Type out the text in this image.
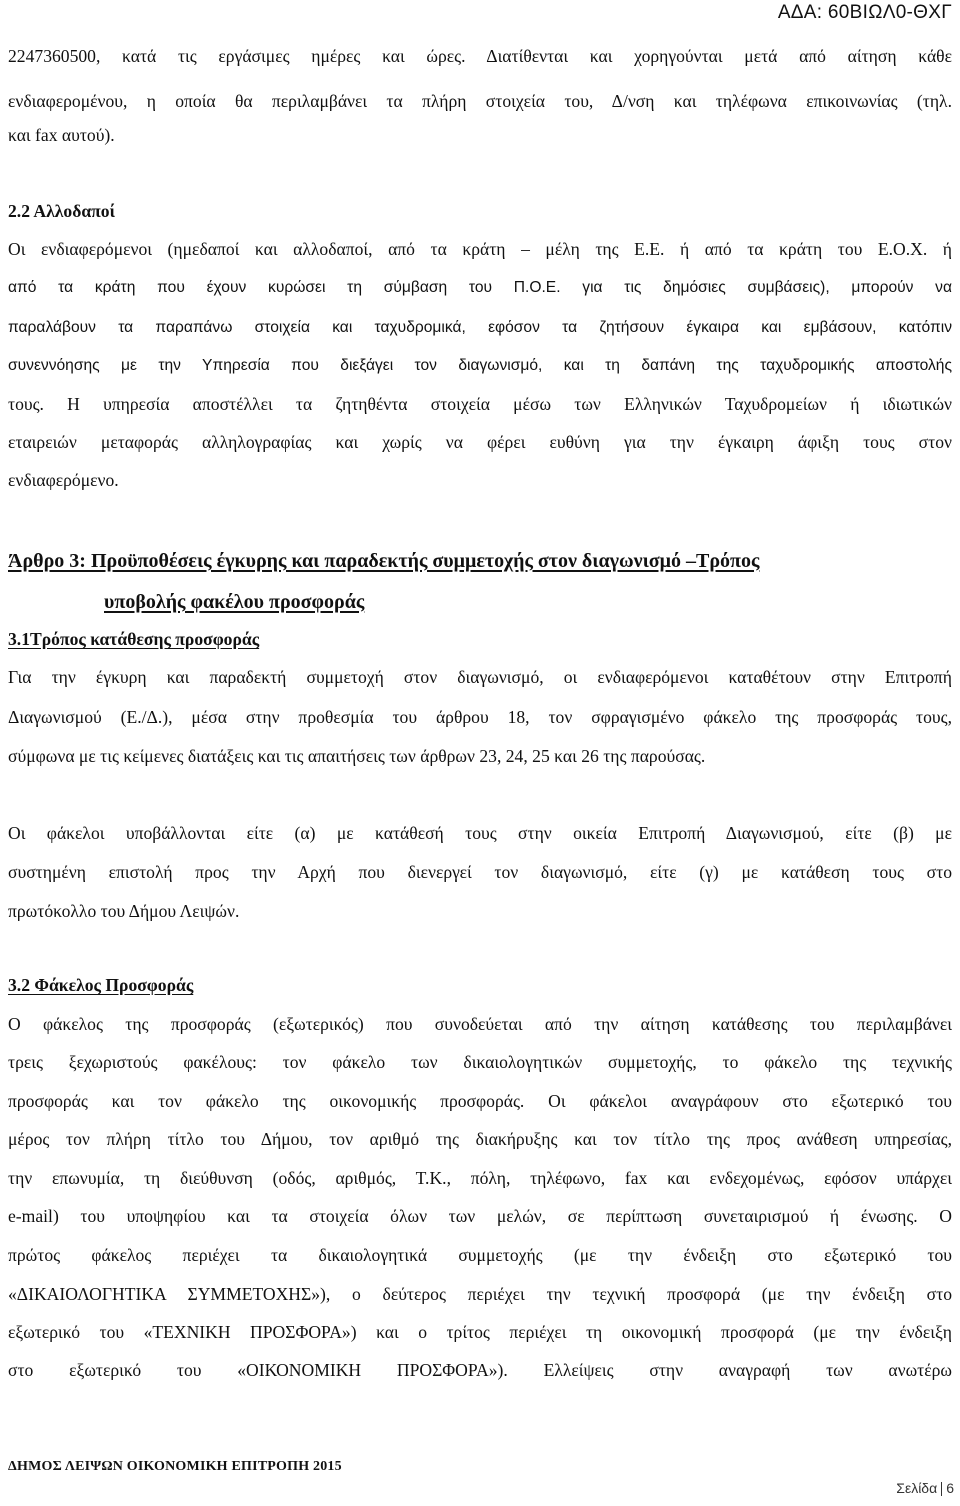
ΑΔΑ: 60ΒΙΩΛ0-ΘΧΓ
2247360500, κατά τις εργάσιμες ημέρες και ώρες. Διατίθενται και χορηγούνται μετά από αίτηση κάθε
ενδιαφερομένου, η οποία θα περιλαμβάνει τα πλήρη στοιχεία του, Δ/νση και τηλέφωνα επικοινωνίας (τηλ.
και fax αυτού).
2.2 Αλλοδαποί
Οι ενδιαφερόμενοι (ημεδαποί και αλλοδαποί, από τα κράτη – μέλη της Ε.Ε. ή από τα κράτη του Ε.Ο.Χ. ή
από τα κράτη που έχουν κυρώσει τη σύμβαση του Π.Ο.Ε. για τις δημόσιες συμβάσεις), μπορούν να
παραλάβουν τα παραπάνω στοιχεία και ταχυδρομικά, εφόσον τα ζητήσουν έγκαιρα και εμβάσουν, κατόπιν
συνεννόησης με την Υπηρεσία που διεξάγει τον διαγωνισμό, και τη δαπάνη της ταχυδρομικής αποστολής
τους. Η υπηρεσία αποστέλλει τα ζητηθέντα στοιχεία μέσω των Ελληνικών Ταχυδρομείων ή ιδιωτικών
εταιρειών μεταφοράς αλληλογραφίας και χωρίς να φέρει ευθύνη για την έγκαιρη άφιξη τους στον
ενδιαφερόμενο.
Άρθρο 3: Προϋποθέσεις έγκυρης και παραδεκτής συμμετοχής στον διαγωνισμό –Τρόπος
υποβολής φακέλου προσφοράς
3.1Τρόπος κατάθεσης προσφοράς
Για την έγκυρη και παραδεκτή συμμετοχή στον διαγωνισμό, οι ενδιαφερόμενοι καταθέτουν στην Επιτροπή
Διαγωνισμού (Ε./Δ.), μέσα στην προθεσμία του άρθρου 18, τον σφραγισμένο φάκελο της προσφοράς τους,
σύμφωνα με τις κείμενες διατάξεις και τις απαιτήσεις των άρθρων 23, 24, 25 και 26 της παρούσας.
Οι φάκελοι υποβάλλονται είτε (α) με κατάθεσή τους στην οικεία Επιτροπή Διαγωνισμού, είτε (β) με
συστημένη επιστολή προς την Αρχή που διενεργεί τον διαγωνισμό, είτε (γ) με κατάθεση τους στο
πρωτόκολλο του Δήμου Λειψών.
3.2 Φάκελος Προσφοράς
Ο φάκελος της προσφοράς (εξωτερικός) που συνοδεύεται από την αίτηση κατάθεσης του περιλαμβάνει
τρεις ξεχωριστούς φακέλους: τον φάκελο των δικαιολογητικών συμμετοχής, το φάκελο της τεχνικής
προσφοράς και τον φάκελο της οικονομικής προσφοράς. Οι φάκελοι αναγράφουν στο εξωτερικό του
μέρος τον πλήρη τίτλο του Δήμου, τον αριθμό της διακήρυξης και τον τίτλο της προς ανάθεση υπηρεσίας,
την επωνυμία, τη διεύθυνση (οδός, αριθμός, Τ.Κ., πόλη, τηλέφωνο, fax και ενδεχομένως, εφόσον υπάρχει
e-mail) του υποψηφίου και τα στοιχεία όλων των μελών, σε περίπτωση συνεταιρισμού ή ένωσης. Ο
πρώτος φάκελος περιέχει τα δικαιολογητικά συμμετοχής (με την ένδειξη στο εξωτερικό του
«ΔΙΚΑΙΟΛΟΓΗΤΙΚΑ ΣΥΜΜΕΤΟΧΗΣ»), ο δεύτερος περιέχει την τεχνική προσφορά (με την ένδειξη στο
εξωτερικό του «ΤΕΧΝΙΚΗ ΠΡΟΣΦΟΡΑ») και ο τρίτος περιέχει τη οικονομική προσφορά (με την ένδειξη
στο εξωτερικό του «ΟΙΚΟΝΟΜΙΚΗ ΠΡΟΣΦΟΡΑ»). Ελλείψεις στην αναγραφή των ανωτέρω
ΔΗΜΟΣ ΛΕΙΨΩΝ ΟΙΚΟΝΟΜΙΚΗ ΕΠΙΤΡΟΠΗ 2015
Σελίδα 6
